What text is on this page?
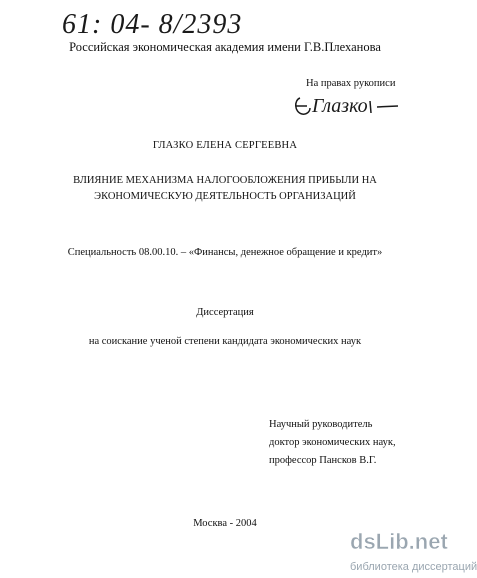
61: 04- 8/2393
Российская экономическая академия имени Г.В.Плеханова
На правах рукописи
Глазко
ГЛАЗКО ЕЛЕНА СЕРГЕЕВНА
ВЛИЯНИЕ МЕХАНИЗМА НАЛОГООБЛОЖЕНИЯ ПРИБЫЛИ НА
ЭКОНОМИЧЕСКУЮ ДЕЯТЕЛЬНОСТЬ ОРГАНИЗАЦИЙ
Специальность 08.00.10. – «Финансы, денежное обращение и кредит»
Диссертация
на соискание ученой степени кандидата экономических наук
Научный руководитель
доктор экономических наук,
профессор Пансков В.Г.
Москва - 2004
dsLib.net
библиотека диссертаций
